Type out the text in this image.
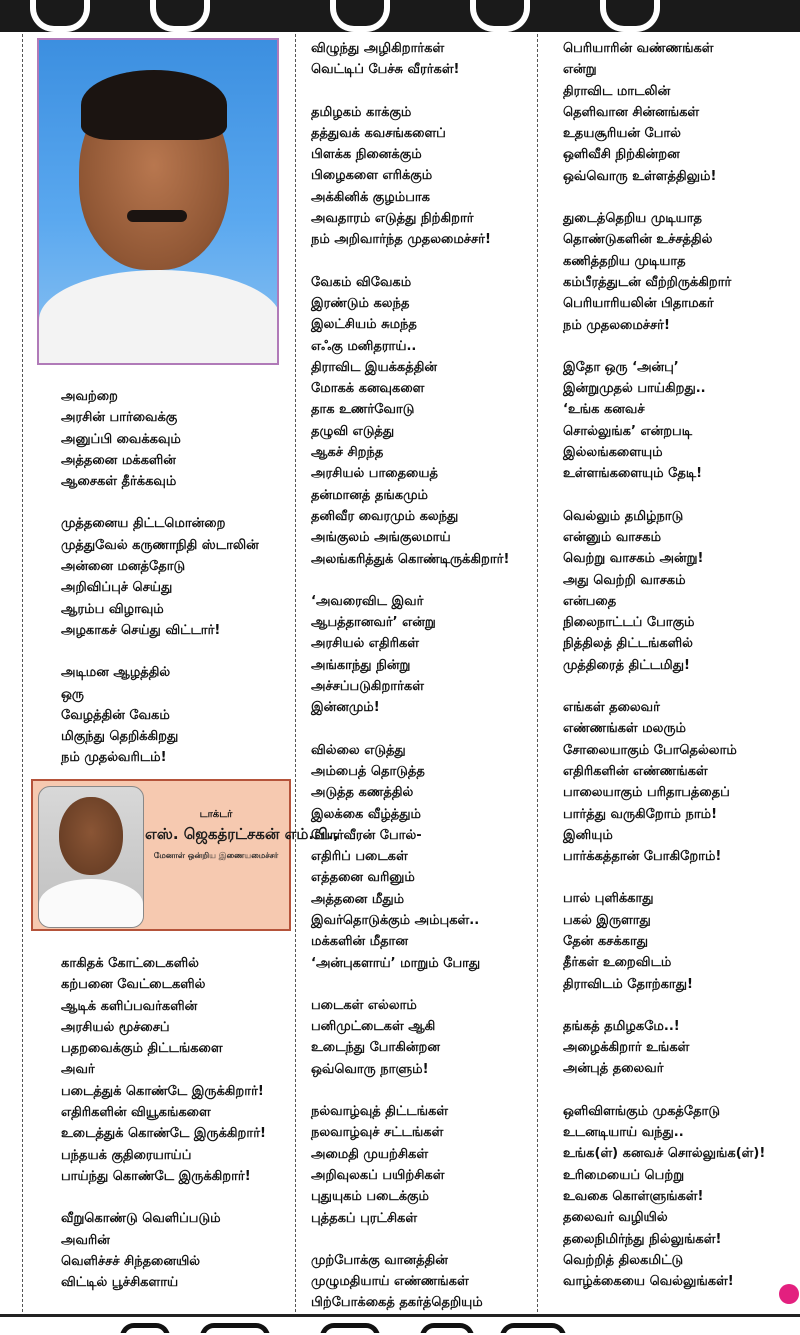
அவற்றை
அரசின் பார்வைக்கு
அனுப்பி வைக்கவும்
அத்தனை மக்களின்
ஆசைகள் தீர்க்கவும்
முத்தனைய திட்டமொன்றை
முத்துவேல் கருணாநிதி ஸ்டாலின்
அன்னை மனத்தோடு
அறிவிப்புச் செய்து
ஆரம்ப விழாவும்
அழகாகச் செய்து விட்டார்!
அடிமன ஆழத்தில்
ஒரு
வேழத்தின் வேகம்
மிகுந்து தெறிக்கிறது
நம் முதல்வரிடம்!
டாக்டர்
எஸ். ஜெகத்ரட்சகன் எம்.பி.,
மேனாள் ஒன்றிய இணையமைச்சர்
காகிதக் கோட்டைகளில்
கற்பனை வேட்டைகளில்
ஆடிக் களிப்பவர்களின்
அரசியல் மூச்சைப்
பதறவைக்கும் திட்டங்களை
அவர்
படைத்துக் கொண்டே இருக்கிறார்!
எதிரிகளின் வியூகங்களை
உடைத்துக் கொண்டே இருக்கிறார்!
பந்தயக் குதிரையாய்ப்
பாய்ந்து கொண்டே இருக்கிறார்!
வீறுகொண்டு வெளிப்படும்
அவரின்
வெளிச்சச் சிந்தனையில்
விட்டில் பூச்சிகளாய்
விழுந்து அழிகிறார்கள்
வெட்டிப் பேச்சு வீரர்கள்!
தமிழகம் காக்கும்
தத்துவக் கவசங்களைப்
பிளக்க நினைக்கும்
பிழைகளை எரிக்கும்
அக்கினிக் குழம்பாக
அவதாரம் எடுத்து நிற்கிறார்
நம் அறிவார்ந்த முதலமைச்சர்!
வேகம் விவேகம்
இரண்டும் கலந்த
இலட்சியம் சுமந்த
எஃகு மனிதராய்..
திராவிட இயக்கத்தின்
மோகக் கனவுகளை
தாக உணர்வோடு
தழுவி எடுத்து
ஆகச் சிறந்த
அரசியல் பாதையைத்
தன்மானத் தங்கமும்
தனிவீர வைரமும் கலந்து
அங்குலம் அங்குலமாய்
அலங்கரித்துக் கொண்டிருக்கிறார்!
‘அவரைவிட இவர்
ஆபத்தானவர்’ என்று
அரசியல் எதிரிகள்
அங்காந்து நின்று
அச்சப்படுகிறார்கள்
இன்னமும்!
வில்லை எடுத்து
அம்பைத் தொடுத்த
அடுத்த கணத்தில்
இலக்கை வீழ்த்தும்
போர்வீரன் போல்-
எதிரிப் படைகள்
எத்தனை வரினும்
அத்தனை மீதும்
இவர்தொடுக்கும் அம்புகள்..
மக்களின் மீதான
‘அன்புகளாய்’ மாறும் போது
படைகள் எல்லாம்
பனிமுட்டைகள் ஆகி
உடைந்து போகின்றன
ஒவ்வொரு நாளும்!
நல்வாழ்வுத் திட்டங்கள்
நலவாழ்வுச் சட்டங்கள்
அமைதி முயற்சிகள்
அறிவுலகப் பயிற்சிகள்
புதுயுகம் படைக்கும்
புத்தகப் புரட்சிகள்
முற்போக்கு வானத்தின்
முழுமதியாய் எண்ணங்கள்
பிற்போக்கைத் தகர்த்தெறியும்
பெரியாரின் வண்ணங்கள்
என்று
திராவிட மாடலின்
தெளிவான சின்னங்கள்
உதயசூரியன் போல்
ஒளிவீசி நிற்கின்றன
ஒவ்வொரு உள்ளத்திலும்!
துடைத்தெறிய முடியாத
தொண்டுகளின் உச்சத்தில்
கணித்தறிய முடியாத
கம்பீரத்துடன் வீற்றிருக்கிறார்
பெரியாரியலின் பிதாமகர்
நம் முதலமைச்சர்!
இதோ ஒரு ‘அன்பு’
இன்றுமுதல் பாய்கிறது..
‘உங்க கனவச்
சொல்லுங்க’ என்றபடி
இல்லங்களையும்
உள்ளங்களையும் தேடி!
வெல்லும் தமிழ்நாடு
என்னும் வாசகம்
வெற்று வாசகம் அன்று!
அது வெற்றி வாசகம்
என்பதை
நிலைநாட்டப் போகும்
நித்திலத் திட்டங்களில்
முத்திரைத் திட்டமிது!
எங்கள் தலைவர்
எண்ணங்கள் மலரும்
சோலையாகும் போதெல்லாம்
எதிரிகளின் எண்ணங்கள்
பாலையாகும் பரிதாபத்தைப்
பார்த்து வருகிறோம் நாம்!
இனியும்
பார்க்கத்தான் போகிறோம்!
பால் புளிக்காது
பகல் இருளாது
தேன் கசக்காது
தீர்கள் உறைவிடம்
திராவிடம் தோற்காது!
தங்கத் தமிழகமே..!
அழைக்கிறார் உங்கள்
அன்புத் தலைவர்
ஒளிவிளங்கும் முகத்தோடு
உடனடியாய் வந்து..
உங்க(ள்) கனவச் சொல்லுங்க(ள்)!
உரிமையைப் பெற்று
உவகை கொள்ளுங்கள்!
தலைவர் வழியில்
தலைநிமிர்ந்து நில்லுங்கள்!
வெற்றித் திலகமிட்டு
வாழ்க்கையை வெல்லுங்கள்!
